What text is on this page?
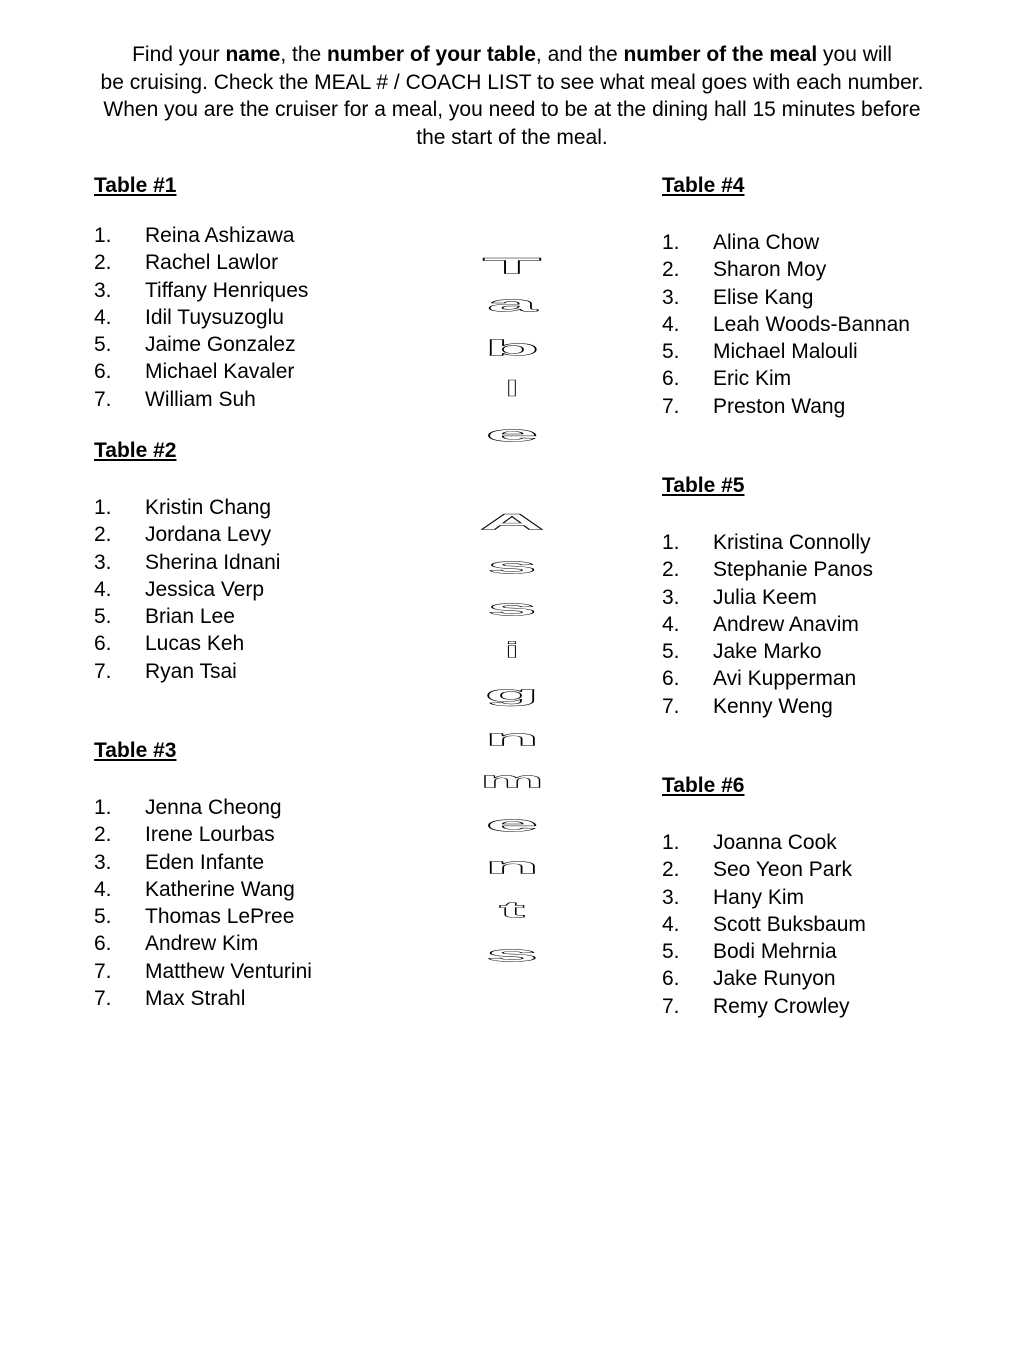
Find your name, the number of your table, and the number of the meal you will
be cruising. Check the MEAL # / COACH LIST to see what meal goes with each number.
When you are the cruiser for a meal, you need to be at the dining hall 15 minutes before
the start of the meal.
Table #1
1. Reina Ashizawa
2. Rachel Lawlor
3. Tiffany Henriques
4. Idil Tuysuzoglu
5. Jaime Gonzalez
6. Michael Kavaler
7. William Suh
Table #2
1. Kristin Chang
2. Jordana Levy
3. Sherina Idnani
4. Jessica Verp
5. Brian Lee
6. Lucas Keh
7. Ryan Tsai
Table #3
1. Jenna Cheong
2. Irene Lourbas
3. Eden Infante
4. Katherine Wang
5. Thomas LePree
6. Andrew Kim
7. Matthew Venturini
7. Max Strahl
T
a
b
l
e
A
s
s
i
g
n
m
e
n
t
s
Table #4
1. Alina Chow
2. Sharon Moy
3. Elise Kang
4. Leah Woods-Bannan
5. Michael Malouli
6. Eric Kim
7. Preston Wang
Table #5
1. Kristina Connolly
2. Stephanie Panos
3. Julia Keem
4. Andrew Anavim
5. Jake Marko
6. Avi Kupperman
7. Kenny Weng
Table #6
1. Joanna Cook
2. Seo Yeon Park
3. Hany Kim
4. Scott Buksbaum
5. Bodi Mehrnia
6. Jake Runyon
7. Remy Crowley
